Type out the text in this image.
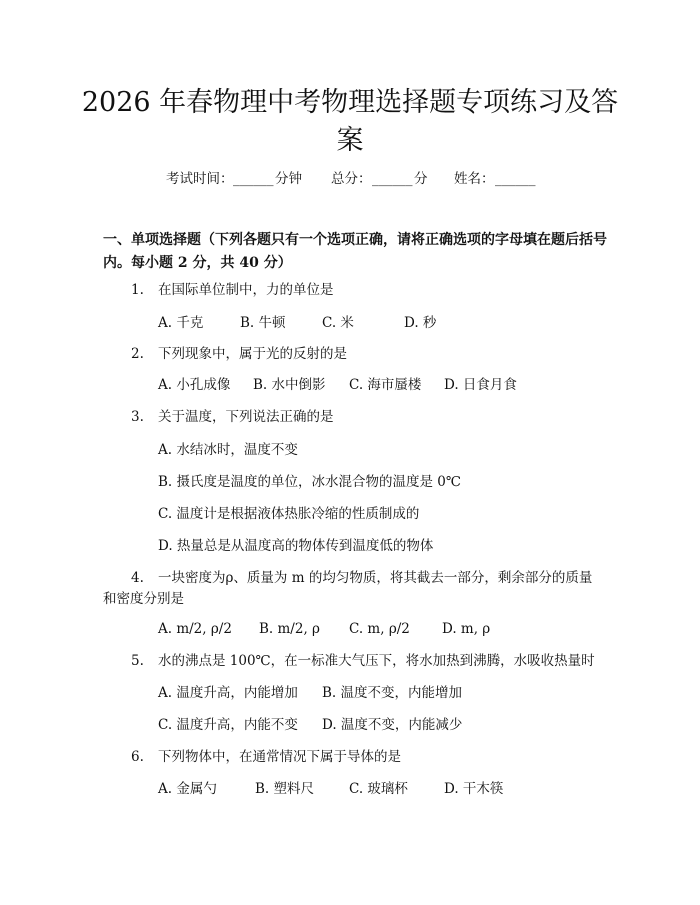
2026 年春物理中考物理选择题专项练习及答
案
考试时间： ______ 分钟 总分： ______ 分 姓名： ______
一、单项选择题（下列各题只有一个选项正确，请将正确选项的字母填在题后括号内。每小题 2 分，共 40 分）
1. 在国际单位制中，力的单位是
A. 千克	B. 牛顿	C. 米	D. 秒
2. 下列现象中，属于光的反射的是
A. 小孔成像 B. 水中倒影 C. 海市蜃楼 D. 日食月食
3. 关于温度，下列说法正确的是
A. 水结冰时，温度不变
B. 摄氏度是温度的单位，冰水混合物的温度是 0℃
C. 温度计是根据液体热胀冷缩的性质制成的
D. 热量总是从温度高的物体传到温度低的物体
4. 一块密度为ρ、质量为 m 的均匀物质，将其截去一部分，剩余部分的质量
和密度分别是
A. m/2, ρ/2 B. m/2, ρ C. m, ρ/2 D. m, ρ
5. 水的沸点是 100℃，在一标准大气压下，将水加热到沸腾，水吸收热量时
A. 温度升高，内能增加 B. 温度不变，内能增加
C. 温度升高，内能不变 D. 温度不变，内能减少
6. 下列物体中，在通常情况下属于导体的是
A. 金属勺	B. 塑料尺	C. 玻璃杯	D. 干木筷
